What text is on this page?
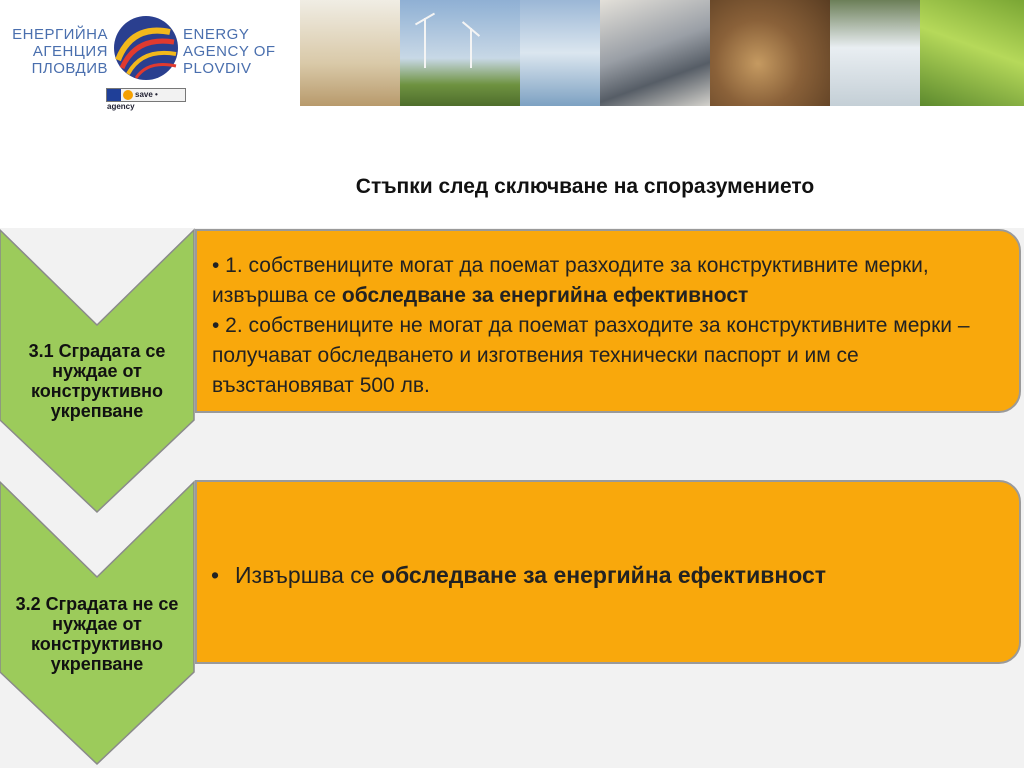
ЕНЕРГИЙНА
АГЕНЦИЯ
ПЛОВДИВ
ENERGY
AGENCY OF
PLOVDIV
save • agency
Стъпки след сключване на споразумението
3.1 Сградата се нуждае от конструктивно укрепване
3.2 Сградата не се нуждае от конструктивно укрепване

• 1. собствениците могат да поемат разходите за конструктивните мерки, извършва се обследване за енергийна ефективност

• 2. собствениците не могат да поемат разходите за конструктивните мерки – получават обследването и изготвения технически паспорт и им се възстановяват 500 лв.

• Извършва се обследване за енергийна ефективност
